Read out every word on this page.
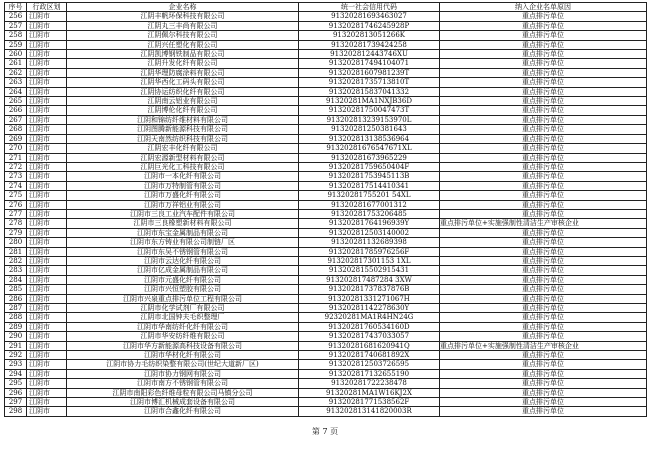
序号	行政区划	企业名称	统一社会信用代码	纳入企业名单原因
256	江阴市	江阴丰帆环保科技有限公司	91320281693463027	重点排污单位
257	江阴市	江阴丸三丰尚有限公司	91320281746245928P	重点排污单位
258	江阴市	江阴佩尔科技有限公司	913202813051266K	重点排污单位
259	江阴市	江阴兴任塑化有限公司	91320281739424258	重点排污单位
260	江阴市	江阴凯博钢铁制品有限公司	913202812443746XU	重点排污单位
261	江阴市	江阴升发化纤有限公司	913202817494104071	重点排污单位
262	江阴市	江阴华理防腐涂料有限公司	91320281607981239T	重点排污单位
263	江阴市	江阴华西化工码头有限公司	91320281735713810T	重点排污单位
264	江阴市	江阴协运纺织化纤有限公司	913202815837041332	重点排污单位
265	江阴市	江阴南云铝业有限公司	91320281MA1NXJB36D	重点排污单位
266	江阴市	江阴博伦化纤有限公司	91320281750047473T	重点排污单位
267	江阴市	江阴和锦纺纤维材料有限公司	913202813239153970L	重点排污单位
268	江阴市	江阴图腾新能源科技有限公司	91320281250381643	重点排污单位
269	江阴市	江阴天南然纺织科技有限公司	913202813138536964	重点排污单位
270	江阴市	江阴宏丰化纤有限公司	91320281676547671XL	重点排污单位
271	江阴市	江阴宏源新型材料有限公司	91320281673965229	重点排污单位
272	江阴市	江阴巨光化工科技有限公司	91320281759650404F	重点排污单位
273	江阴市	江阴市一本化纤有限公司	91320281753945113B	重点排污单位
274	江阴市	江阴市万特制管有限公司	913202817514410341	重点排污单位
275	江阴市	江阴市万盛化纤有限公司	91320281755201 54XL	重点排污单位
276	江阴市	江阴市万祥铝业有限公司	91320281677001312	重点排污单位
277	江阴市	江阴市三良工业汽车配件有限公司	91320281753206485	重点排污单位
278	江阴市	江阴市三良橡塑新材料有限公司	91320281764196939Y	重点排污单位+实施强制性清洁生产审核企业
279	江阴市	江阴市东宝金属制品有限公司	913202812503140002	重点排污单位
280	江阴市	江阴市东方铸业有限公司制链厂区	91320281132689398	重点排污单位
281	江阴市	江阴市东吴不锈钢管有限公司	91320281785976256F	重点排污单位
282	江阴市	江阴市云达化纤有限公司	913202817301153 1XL	重点排污单位
283	江阴市	江阴市亿成金属制品有限公司	913202815502915431	重点排污单位
284	江阴市	江阴市元盛化纤有限公司	913202817487284 3XW	重点排污单位
285	江阴市	江阴市兴恒塑胶有限公司	91320281737837876B	重点排污单位
286	江阴市	江阴市兴泉重点排污单位工程有限公司	91320281331271067H	重点排污单位
287	江阴市	江阴市化学试剂厂有限公司	91320281142278630Y	重点排污单位
288	江阴市	江阴市北国钟夫毛织整理厂	92320281MA1R4HN24G	重点排污单位
289	江阴市	江阴市华南纺纤化纤有限公司	91320281760534160D	重点排污单位
290	江阴市	江阴市华安纺纤维有限公司	913202817437033057	重点排污单位
291	江阴市	江阴市华方新能源高科技设备有限公司	91320281681620941Q	重点排污单位+实施强制性清洁生产审核企业
292	江阴市	江阴市华材化纤有限公司	91320281740681892X	重点排污单位
293	江阴市	江阴市协力毛纺织染整有限公司(世纪大道新厂区)	913202812503726595	重点排污单位
294	江阴市	江阴市协力钢网有限公司	913202817132655190	重点排污单位
295	江阴市	江阴市南方不锈钢管有限公司	91320281722238478	重点排污单位
296	江阴市	江阴市南阳彩色纤维母粒有限公司马镇分公司	91320281MA1W16KJ2X	重点排污单位
297	江阴市	江阴市博汇机械成套设备有限公司	91320281771538562F	重点排污单位
298	江阴市	江阴市合鑫化纤有限公司	913202813141820003R	重点排污单位
第 7 页
